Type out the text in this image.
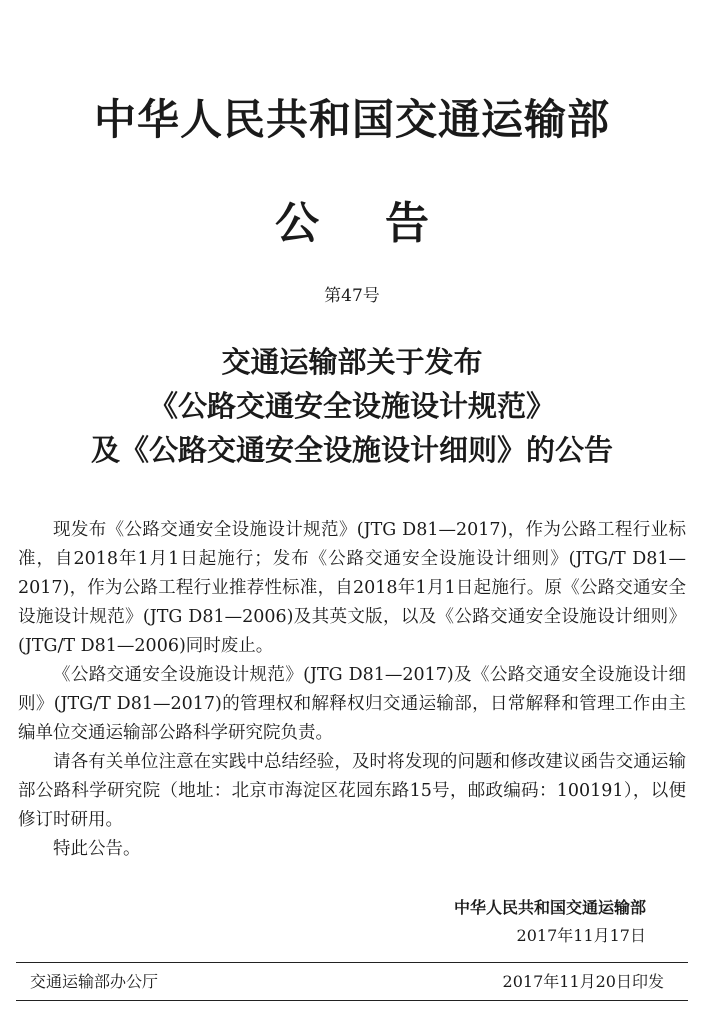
中华人民共和国交通运输部
公告
第47号
交通运输部关于发布
《公路交通安全设施设计规范》
及《公路交通安全设施设计细则》的公告

现发布《公路交通安全设施设计规范》(JTG D81—2017)，作为公路工程行业标准，自2018年1月1日起施行；发布《公路交通安全设施设计细则》(JTG/T D81—2017)，作为公路工程行业推荐性标准，自2018年1月1日起施行。原《公路交通安全设施设计规范》(JTG D81—2006)及其英文版，以及《公路交通安全设施设计细则》(JTG/T D81—2006)同时废止。

《公路交通安全设施设计规范》(JTG D81—2017)及《公路交通安全设施设计细则》(JTG/T D81—2017)的管理权和解释权归交通运输部，日常解释和管理工作由主编单位交通运输部公路科学研究院负责。

请各有关单位注意在实践中总结经验，及时将发现的问题和修改建议函告交通运输部公路科学研究院（地址：北京市海淀区花园东路15号，邮政编码：100191），以便修订时研用。

特此公告。

中华人民共和国交通运输部
2017年11月17日
交通运输部办公厅	2017年11月20日印发
